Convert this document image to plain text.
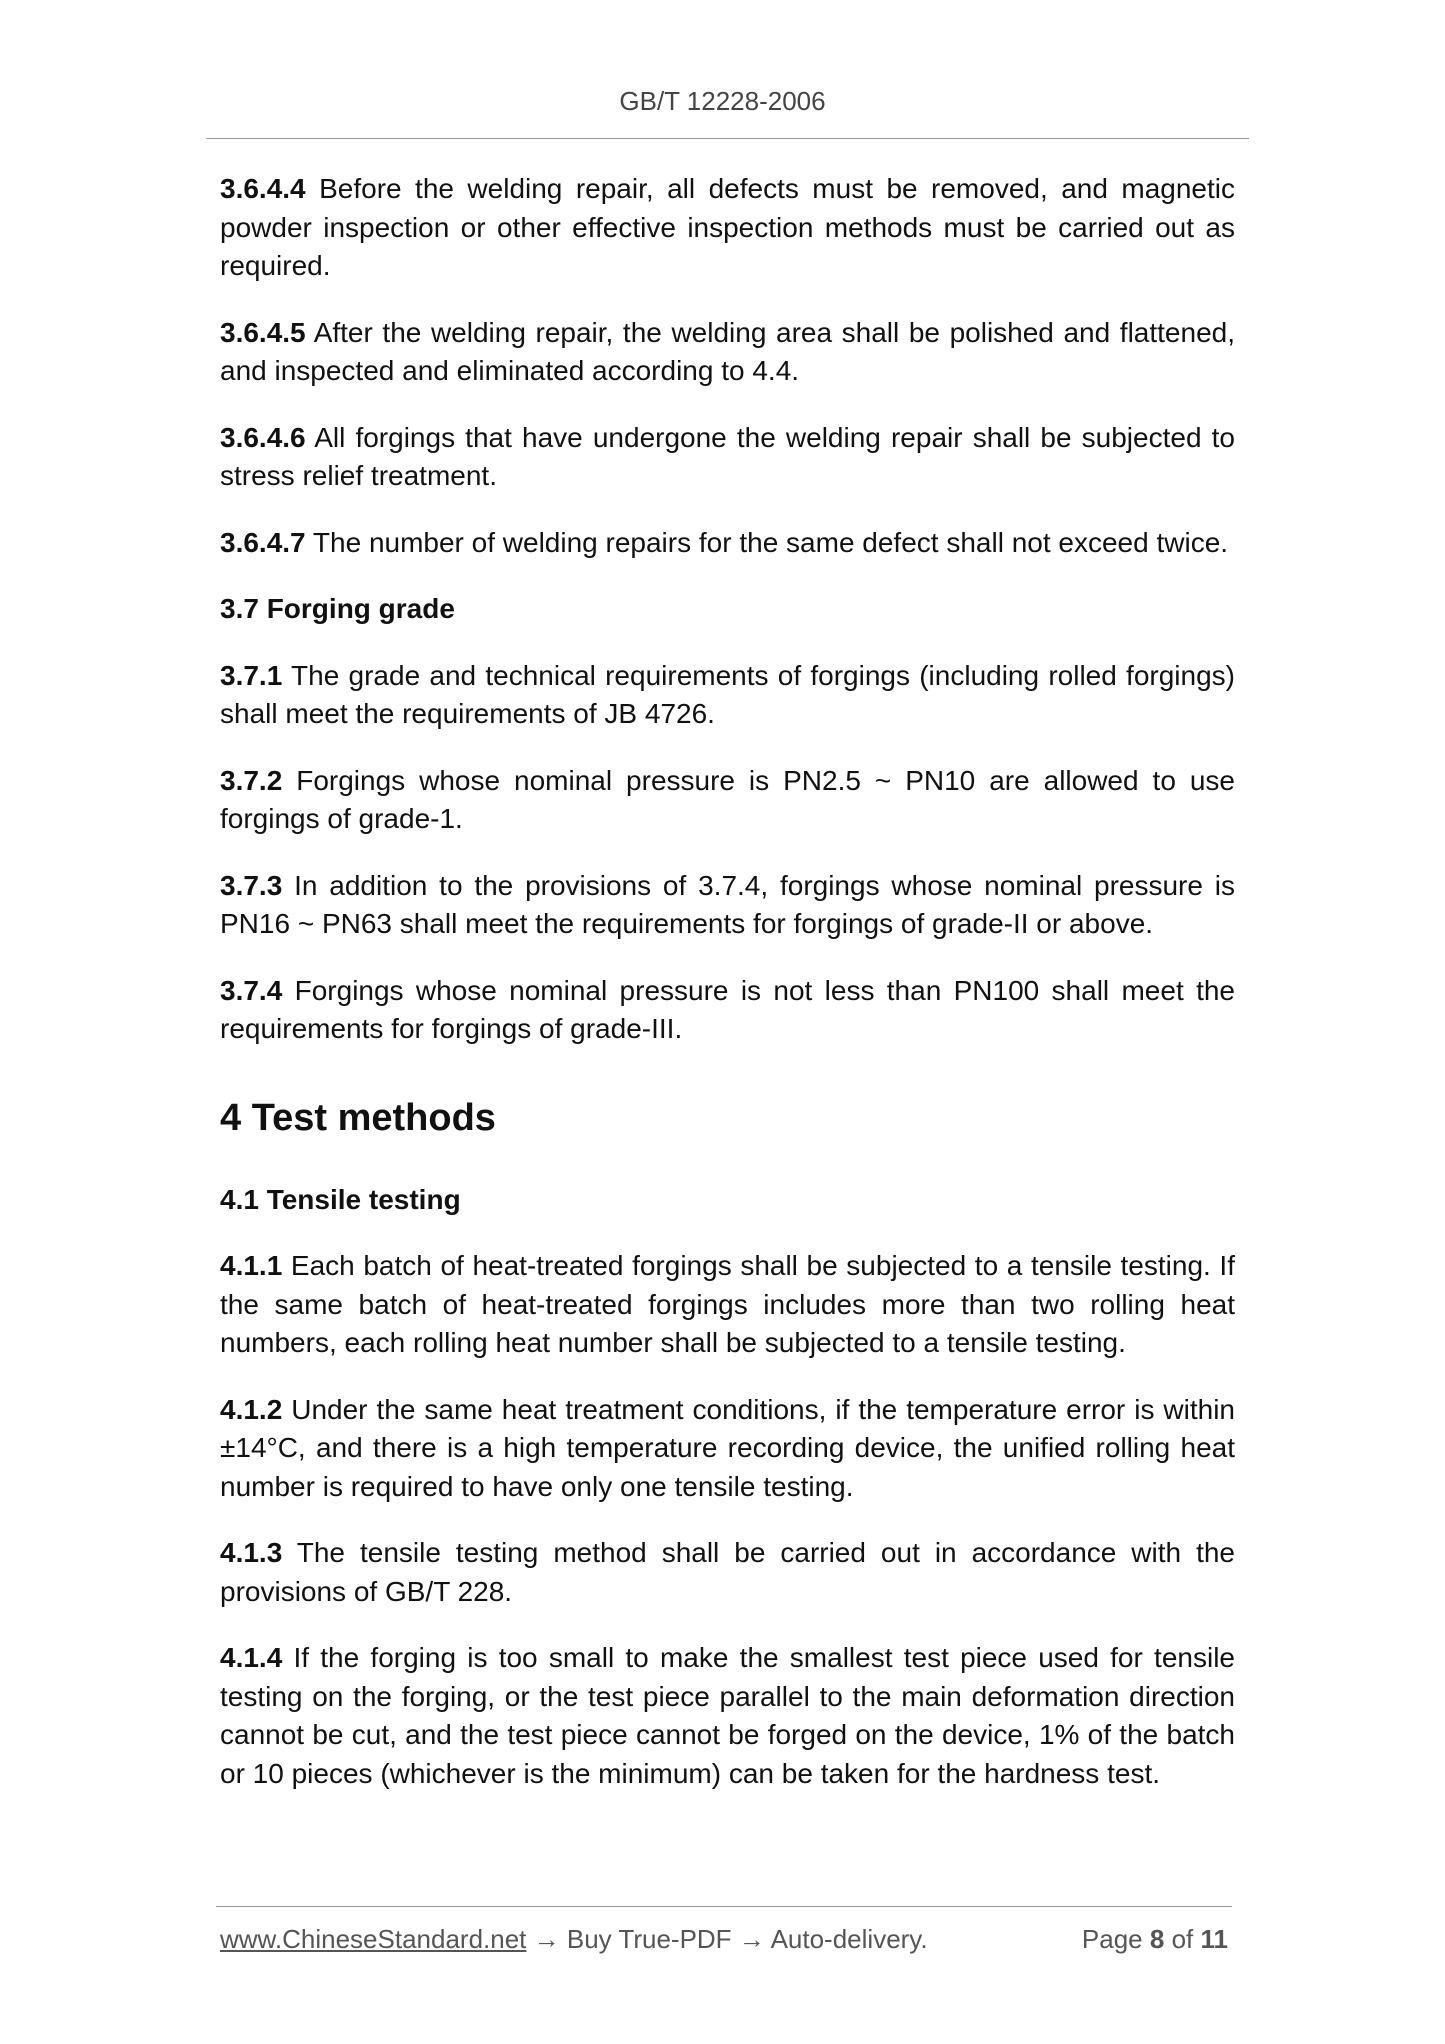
GB/T 12228-2006

3.6.4.4 Before the welding repair, all defects must be removed, and magnetic powder inspection or other effective inspection methods must be carried out as required.

3.6.4.5 After the welding repair, the welding area shall be polished and flattened, and inspected and eliminated according to 4.4.

3.6.4.6 All forgings that have undergone the welding repair shall be subjected to stress relief treatment.

3.6.4.7 The number of welding repairs for the same defect shall not exceed twice.

3.7 Forging grade

3.7.1 The grade and technical requirements of forgings (including rolled forgings) shall meet the requirements of JB 4726.

3.7.2 Forgings whose nominal pressure is PN2.5 ~ PN10 are allowed to use forgings of grade-1.

3.7.3 In addition to the provisions of 3.7.4, forgings whose nominal pressure is PN16 ~ PN63 shall meet the requirements for forgings of grade-II or above.

3.7.4 Forgings whose nominal pressure is not less than PN100 shall meet the requirements for forgings of grade-III.

4 Test methods
4.1 Tensile testing

4.1.1 Each batch of heat-treated forgings shall be subjected to a tensile testing. If the same batch of heat-treated forgings includes more than two rolling heat numbers, each rolling heat number shall be subjected to a tensile testing.

4.1.2 Under the same heat treatment conditions, if the temperature error is within ±14°C, and there is a high temperature recording device, the unified rolling heat number is required to have only one tensile testing.

4.1.3 The tensile testing method shall be carried out in accordance with the provisions of GB/T 228.

4.1.4 If the forging is too small to make the smallest test piece used for tensile testing on the forging, or the test piece parallel to the main deformation direction cannot be cut, and the test piece cannot be forged on the device, 1% of the batch or 10 pieces (whichever is the minimum) can be taken for the hardness test.

www.ChineseStandard.net → Buy True-PDF → Auto-delivery.	Page 8 of 11
